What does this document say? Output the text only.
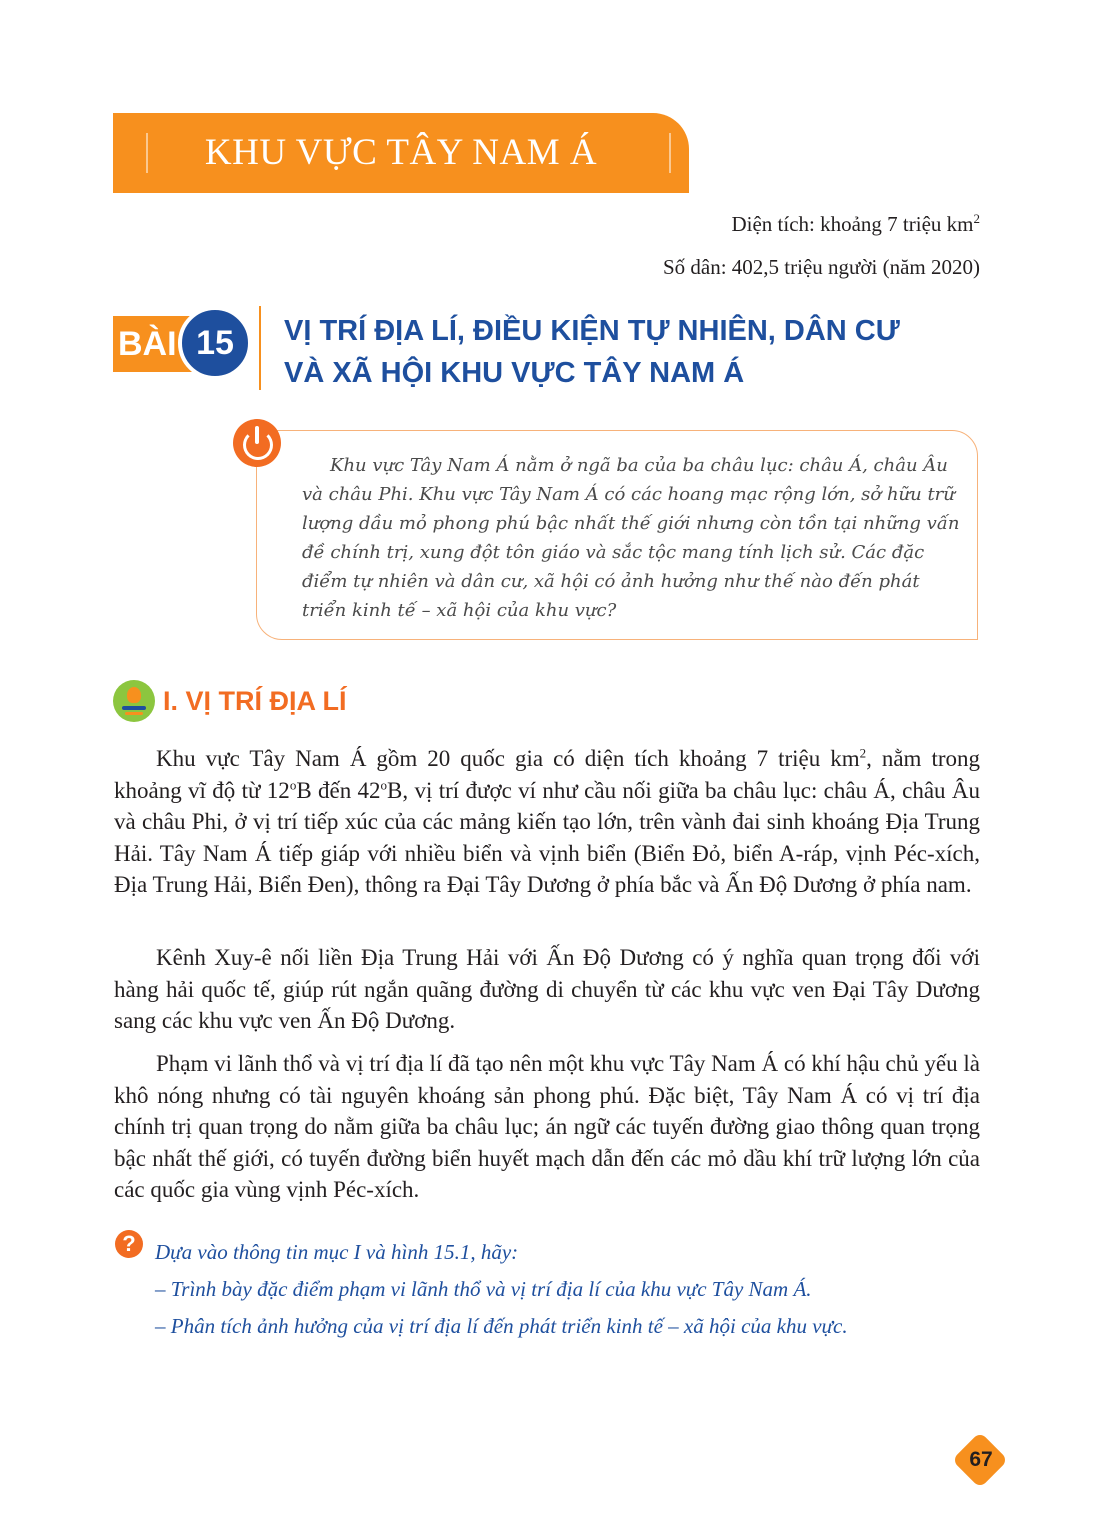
KHU VỰC TÂY NAM Á
Diện tích: khoảng 7 triệu $km^2$
Số dân: 402,5 triệu người (năm 2020)
BÀI 15	VỊ TRÍ ĐỊA LÍ, ĐIỀU KIỆN TỰ NHIÊN, DÂN CƯ
VÀ XÃ HỘI KHU VỰC TÂY NAM Á
Khu vực Tây Nam Á nằm ở ngã ba của ba châu lục: châu Á, châu Âu và châu Phi. Khu vực Tây Nam Á có các hoang mạc rộng lớn, sở hữu trữ lượng dầu mỏ phong phú bậc nhất thế giới nhưng còn tồn tại những vấn đề chính trị, xung đột tôn giáo và sắc tộc mang tính lịch sử. Các đặc điểm tự nhiên và dân cư, xã hội có ảnh hưởng như thế nào đến phát triển kinh tế – xã hội của khu vực?
I. VỊ TRÍ ĐỊA LÍ

Khu vực Tây Nam Á gồm 20 quốc gia có diện tích khoảng 7 triệu $km^2$, nằm trong khoảng vĩ độ từ 12$^o$B đến 42$^o$B, vị trí được ví như cầu nối giữa ba châu lục: châu Á, châu Âu và châu Phi, ở vị trí tiếp xúc của các mảng kiến tạo lớn, trên vành đai sinh khoáng Địa Trung Hải. Tây Nam Á tiếp giáp với nhiều biển và vịnh biển (Biển Đỏ, biển A-ráp, vịnh Péc-xích, Địa Trung Hải, Biển Đen), thông ra Đại Tây Dương ở phía bắc và Ấn Độ Dương ở phía nam.

Kênh Xuy-ê nối liền Địa Trung Hải với Ấn Độ Dương có ý nghĩa quan trọng đối với hàng hải quốc tế, giúp rút ngắn quãng đường di chuyển từ các khu vực ven Đại Tây Dương sang các khu vực ven Ấn Độ Dương.

Phạm vi lãnh thổ và vị trí địa lí đã tạo nên một khu vực Tây Nam Á có khí hậu chủ yếu là khô nóng nhưng có tài nguyên khoáng sản phong phú. Đặc biệt, Tây Nam Á có vị trí địa chính trị quan trọng do nằm giữa ba châu lục; án ngữ các tuyến đường giao thông quan trọng bậc nhất thế giới, có tuyến đường biển huyết mạch dẫn đến các mỏ dầu khí trữ lượng lớn của các quốc gia vùng vịnh Péc-xích.

? Dựa vào thông tin mục I và hình 15.1, hãy:
– Trình bày đặc điểm phạm vi lãnh thổ và vị trí địa lí của khu vực Tây Nam Á.
– Phân tích ảnh hưởng của vị trí địa lí đến phát triển kinh tế – xã hội của khu vực.
67
